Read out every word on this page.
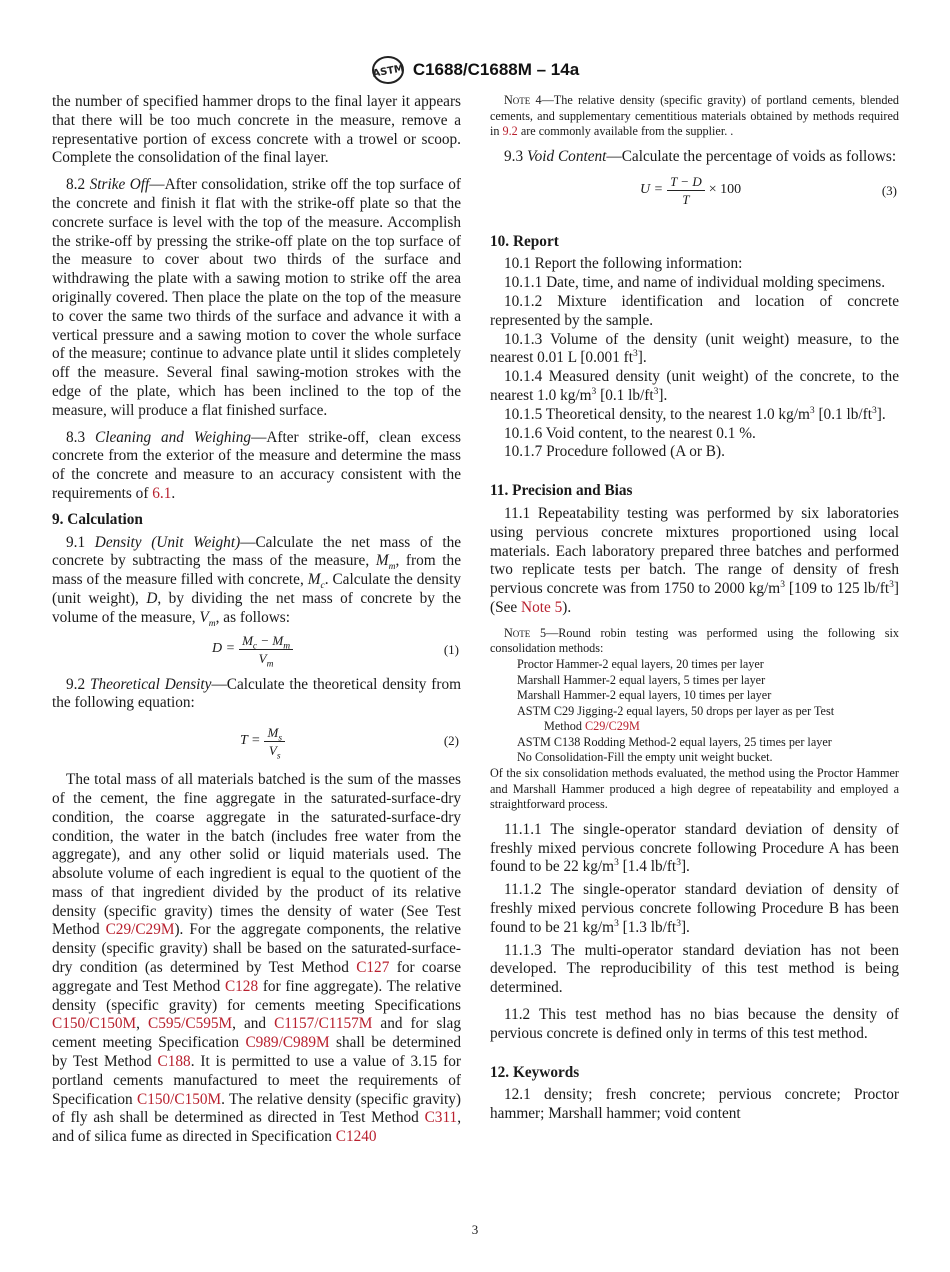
ASTM C1688/C1688M – 14a

the number of specified hammer drops to the final layer it appears that there will be too much concrete in the measure, remove a representative portion of excess concrete with a trowel or scoop. Complete the consolidation of the final layer.

8.2 Strike Off—After consolidation, strike off the top surface of the concrete and finish it flat with the strike-off plate so that the concrete surface is level with the top of the measure. Accomplish the strike-off by pressing the strike-off plate on the top surface of the measure to cover about two thirds of the surface and withdrawing the plate with a sawing motion to strike off the area originally covered. Then place the plate on the top of the measure to cover the same two thirds of the surface and advance it with a vertical pressure and a sawing motion to cover the whole surface of the measure; continue to advance plate until it slides completely off the measure. Several final sawing-motion strokes with the edge of the plate, which has been inclined to the top of the measure, will produce a flat finished surface.

8.3 Cleaning and Weighing—After strike-off, clean excess concrete from the exterior of the measure and determine the mass of the concrete and measure to an accuracy consistent with the requirements of 6.1.

9. Calculation

9.1 Density (Unit Weight)—Calculate the net mass of the concrete by subtracting the mass of the measure, $M_m$, from the mass of the measure filled with concrete, $M_c$. Calculate the density (unit weight), D, by dividing the net mass of concrete by the volume of the measure, $V_m$, as follows:

$D = \frac{M_c - M_m}{V_m}$	(1)

9.2 Theoretical Density—Calculate the theoretical density from the following equation:

$T = \frac{M_s}{V_s}$	(2)

The total mass of all materials batched is the sum of the masses of the cement, the fine aggregate in the saturated-surface-dry condition, the coarse aggregate in the saturated-surface-dry condition, the water in the batch (includes free water from the aggregate), and any other solid or liquid materials used. The absolute volume of each ingredient is equal to the quotient of the mass of that ingredient divided by the product of its relative density (specific gravity) times the density of water (See Test Method C29/C29M). For the aggregate components, the relative density (specific gravity) shall be based on the saturated-surface-dry condition (as determined by Test Method C127 for coarse aggregate and Test Method C128 for fine aggregate). The relative density (specific gravity) for cements meeting Specifications C150/C150M, C595/C595M, and C1157/C1157M and for slag cement meeting Specification C989/C989M shall be determined by Test Method C188. It is permitted to use a value of 3.15 for portland cements manufactured to meet the requirements of Specification C150/C150M. The relative density (specific gravity) of fly ash shall be determined as directed in Test Method C311, and of silica fume as directed in Specification C1240

Note 4—The relative density (specific gravity) of portland cements, blended cements, and supplementary cementitious materials obtained by methods required in 9.2 are commonly available from the supplier. .

9.3 Void Content—Calculate the percentage of voids as follows:

$U = \frac{T - D}{T} \times 100$	(3)

10. Report

10.1 Report the following information:

10.1.1 Date, time, and name of individual molding specimens.

10.1.2 Mixture identification and location of concrete represented by the sample.

10.1.3 Volume of the density (unit weight) measure, to the nearest 0.01 L [0.001 $ft^3$].

10.1.4 Measured density (unit weight) of the concrete, to the nearest 1.0 $kg/m^3$ [0.1 $lb/ft^3$].

10.1.5 Theoretical density, to the nearest 1.0 $kg/m^3$ [0.1 $lb/ft^3$].

10.1.6 Void content, to the nearest 0.1 %.

10.1.7 Procedure followed (A or B).

11. Precision and Bias

11.1 Repeatability testing was performed by six laboratories using pervious concrete mixtures proportioned using local materials. Each laboratory prepared three batches and performed two replicate tests per batch. The range of density of fresh pervious concrete was from 1750 to 2000 $kg/m^3$ [109 to 125 $lb/ft^3$] (See Note 5).

Note 5—Round robin testing was performed using the following six consolidation methods:

Proctor Hammer-2 equal layers, 20 times per layer

Marshall Hammer-2 equal layers, 5 times per layer

Marshall Hammer-2 equal layers, 10 times per layer

ASTM C29 Jigging-2 equal layers, 50 drops per layer as per Test

Method C29/C29M

ASTM C138 Rodding Method-2 equal layers, 25 times per layer

No Consolidation-Fill the empty unit weight bucket.

Of the six consolidation methods evaluated, the method using the Proctor Hammer and Marshall Hammer produced a high degree of repeatability and employed a straightforward process.

11.1.1 The single-operator standard deviation of density of freshly mixed pervious concrete following Procedure A has been found to be 22 $kg/m^3$ [1.4 $lb/ft^3$].

11.1.2 The single-operator standard deviation of density of freshly mixed pervious concrete following Procedure B has been found to be 21 $kg/m^3$ [1.3 $lb/ft^3$].

11.1.3 The multi-operator standard deviation has not been developed. The reproducibility of this test method is being determined.

11.2 This test method has no bias because the density of pervious concrete is defined only in terms of this test method.

12. Keywords

12.1 density; fresh concrete; pervious concrete; Proctor hammer; Marshall hammer; void content

3
